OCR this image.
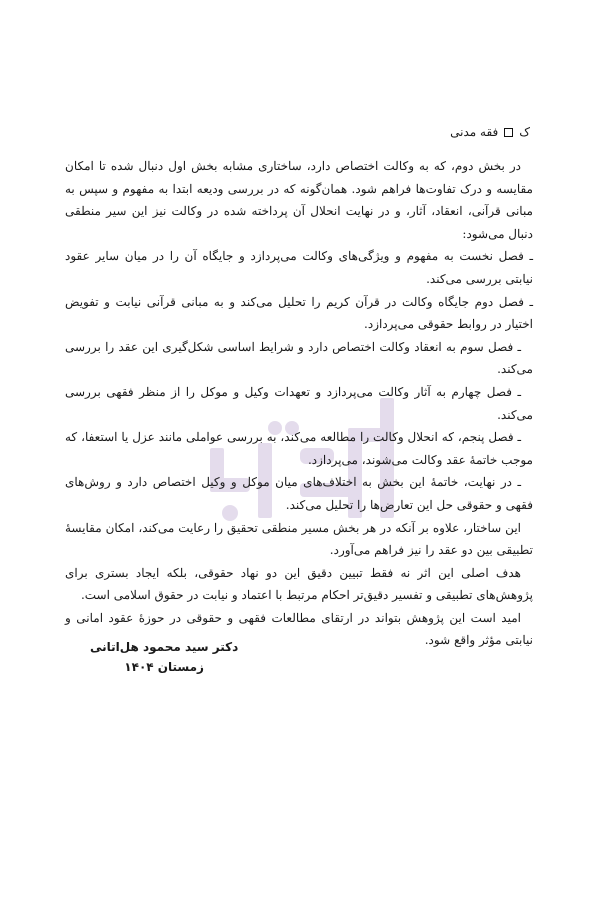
ک
فقه مدنی

در بخش دوم، که به وکالت اختصاص دارد، ساختاری مشابه بخش اول دنبال شده تا امکان مقایسه و درک تفاوت‌ها فراهم شود. همان‌گونه که در بررسی ودیعه ابتدا به مفهوم و سپس به مبانی قرآنی، انعقاد، آثار، و در نهایت انحلال آن پرداخته شده در وکالت نیز این سیر منطقی دنبال می‌شود:

ـ فصل نخست به مفهوم و ویژگی‌های وکالت می‌پردازد و جایگاه آن را در میان سایر عقود نیابتی بررسی می‌کند.

ـ فصل دوم جایگاه وکالت در قرآن کریم را تحلیل می‌کند و به مبانی قرآنی نیابت و تفویض اختیار در روابط حقوقی می‌پردازد.

ـ فصل سوم به انعقاد وکالت اختصاص دارد و شرایط اساسی شکل‌گیری این عقد را بررسی می‌کند.

ـ فصل چهارم به آثار وکالت می‌پردازد و تعهدات وکیل و موکل را از منظر فقهی بررسی می‌کند.

ـ فصل پنجم، که انحلال وکالت را مطالعه می‌کند، به بررسی عواملی مانند عزل یا استعفا، که موجب خاتمهٔ عقد وکالت می‌شوند، می‌پردازد.

ـ در نهایت، خاتمهٔ این بخش به اختلاف‌های میان موکل و وکیل اختصاص دارد و روش‌های فقهی و حقوقی حل این تعارض‌ها را تحلیل می‌کند.

این ساختار، علاوه بر آنکه در هر بخش مسیر منطقی تحقیق را رعایت می‌کند، امکان مقایسهٔ تطبیقی بین دو عقد را نیز فراهم می‌آورد.

هدف اصلی این اثر نه فقط تبیین دقیق این دو نهاد حقوقی، بلکه ایجاد بستری برای پژوهش‌های تطبیقی و تفسیر دقیق‌تر احکام مرتبط با اعتماد و نیابت در حقوق اسلامی است.

امید است این پژوهش بتواند در ارتقای مطالعات فقهی و حقوقی در حوزهٔ عقود امانی و نیابتی مؤثر واقع شود.

دکتر سید محمود هل‌اتانی
زمستان ۱۴۰۴
